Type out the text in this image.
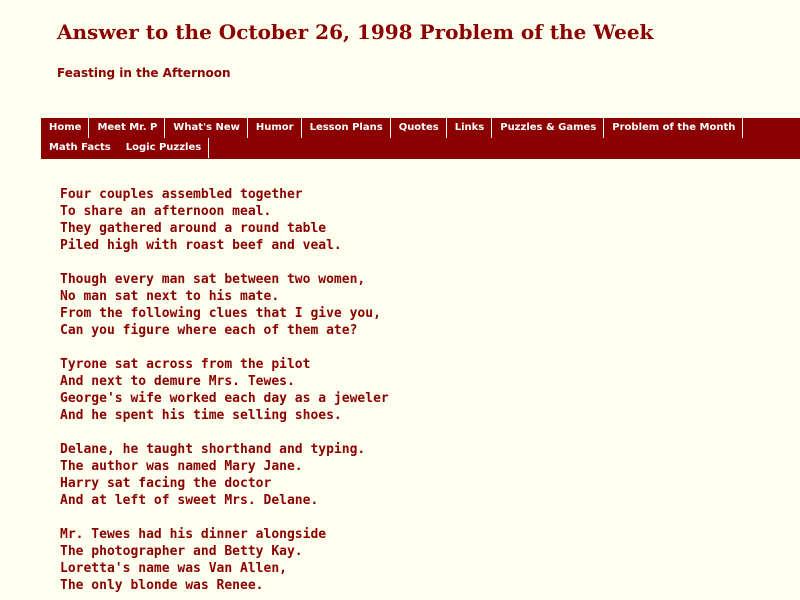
Answer to the October 26, 1998 Problem of the Week

Feasting in the Afternoon

Home	Meet Mr. P	What's New	Humor	Lesson Plans	Quotes	Links	Puzzles & Games	Problem of the Month
Math Facts	Logic Puzzles
Four couples assembled together
To share an afternoon meal.
They gathered around a round table
Piled high with roast beef and veal.
Though every man sat between two women,
No man sat next to his mate.
From the following clues that I give you,
Can you figure where each of them ate?
Tyrone sat across from the pilot
And next to demure Mrs. Tewes.
George's wife worked each day as a jeweler
And he spent his time selling shoes.
Delane, he taught shorthand and typing.
The author was named Mary Jane.
Harry sat facing the doctor
And at left of sweet Mrs. Delane.
Mr. Tewes had his dinner alongside
The photographer and Betty Kay.
Loretta's name was Van Allen,
The only blonde was Renee.
